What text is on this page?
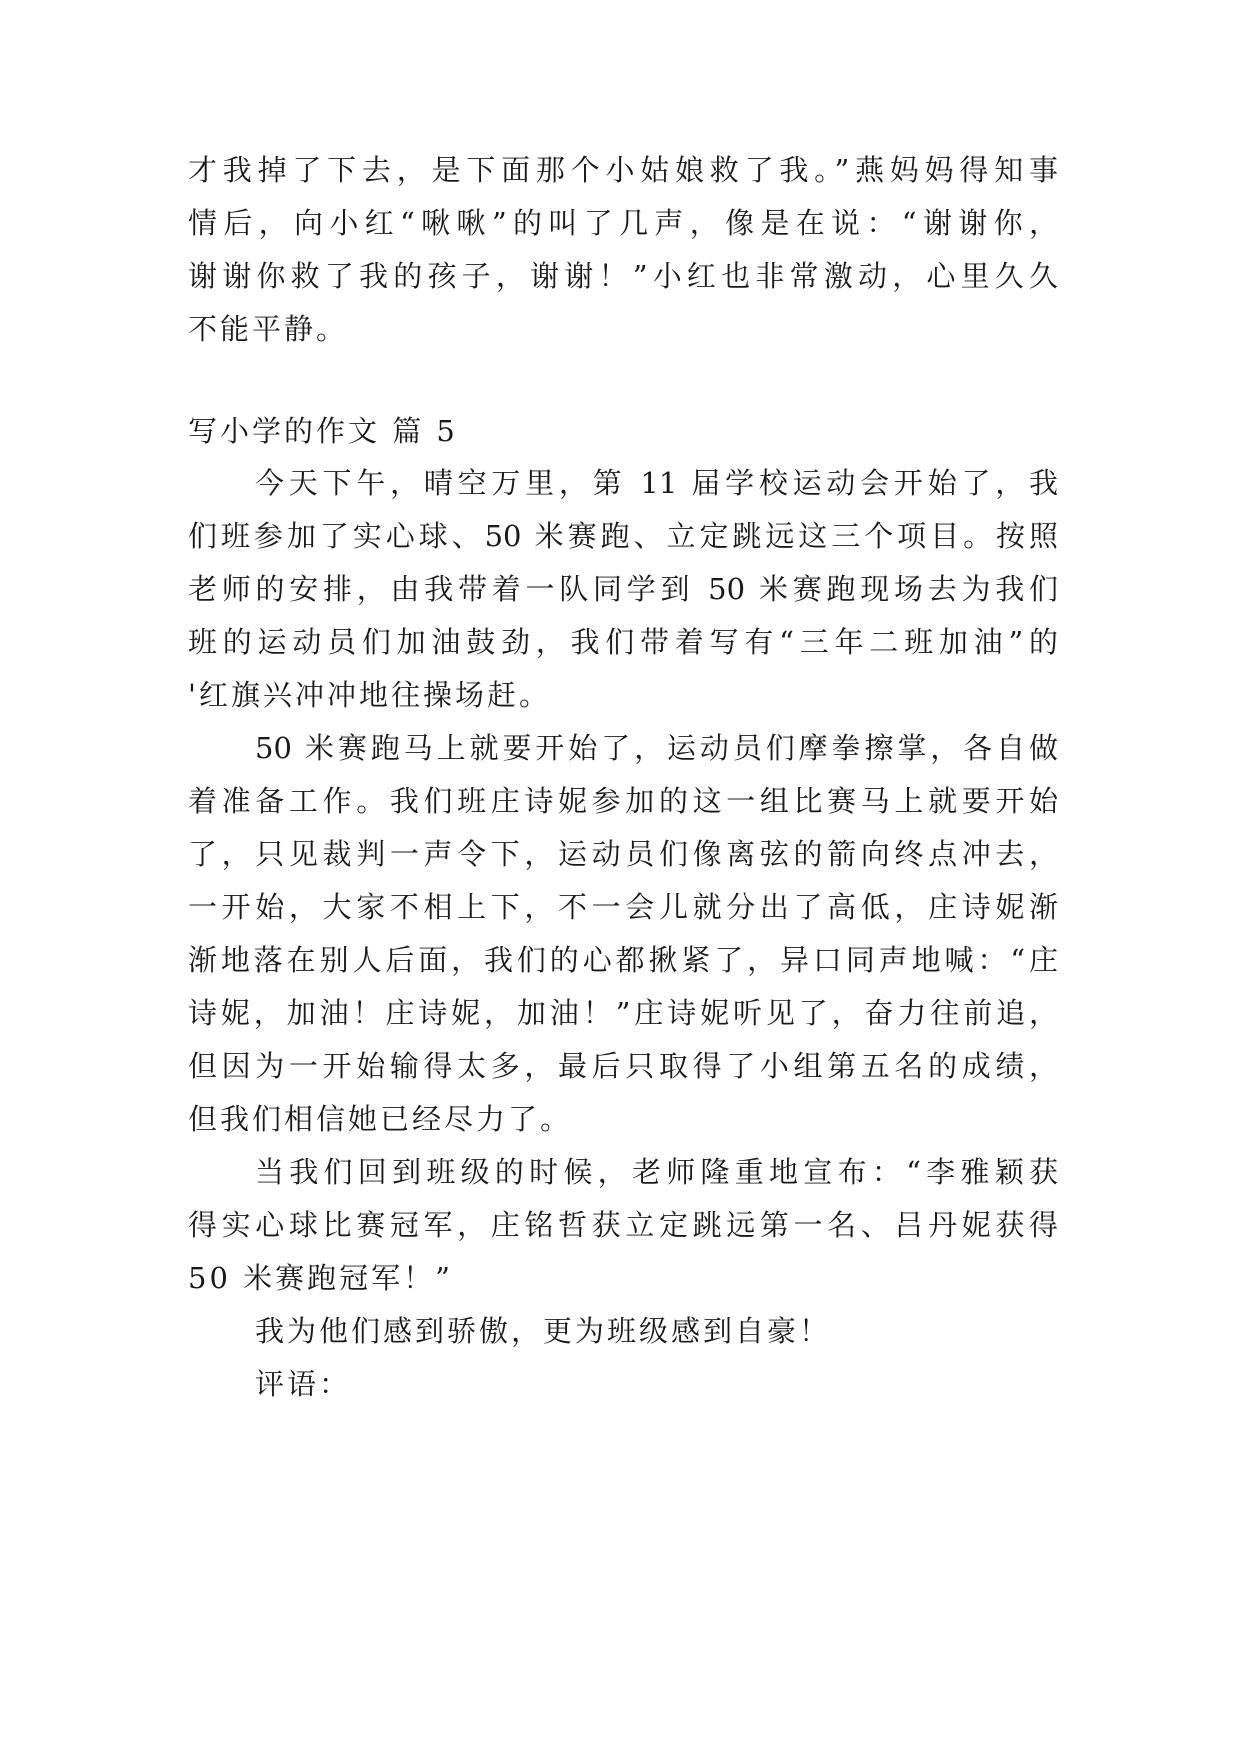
才我掉了下去，是下面那个小姑娘救了我。”燕妈妈得知事
情后，向小红“啾啾”的叫了几声，像是在说：“谢谢你，
谢谢你救了我的孩子，谢谢！”小红也非常激动，心里久久
不能平静。
写小学的作文 篇 5
今天下午，晴空万里，第 11 届学校运动会开始了，我
们班参加了实心球、50 米赛跑、立定跳远这三个项目。按照
老师的安排，由我带着一队同学到 50 米赛跑现场去为我们
班的运动员们加油鼓劲，我们带着写有“三年二班加油”的
'红旗兴冲冲地往操场赶。
50 米赛跑马上就要开始了，运动员们摩拳擦掌，各自做
着准备工作。我们班庄诗妮参加的这一组比赛马上就要开始
了，只见裁判一声令下，运动员们像离弦的箭向终点冲去，
一开始，大家不相上下，不一会儿就分出了高低，庄诗妮渐
渐地落在别人后面，我们的心都揪紧了，异口同声地喊：“庄
诗妮，加油！庄诗妮，加油！”庄诗妮听见了，奋力往前追，
但因为一开始输得太多，最后只取得了小组第五名的成绩，
但我们相信她已经尽力了。
当我们回到班级的时候，老师隆重地宣布：“李雅颖获
得实心球比赛冠军，庄铭哲获立定跳远第一名、吕丹妮获得
50 米赛跑冠军！”
我为他们感到骄傲，更为班级感到自豪！
评语：
